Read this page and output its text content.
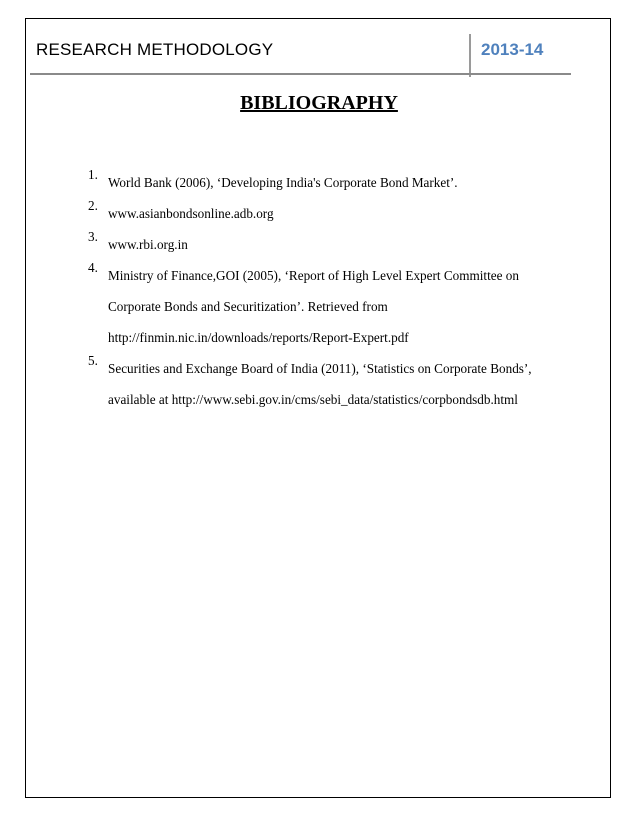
RESEARCH METHODOLOGY	2013-14
BIBLIOGRAPHY
1.
World Bank (2006), ‘Developing India's Corporate Bond Market’.
2.
www.asianbondsonline.adb.org
3.
www.rbi.org.in
4.
Ministry of Finance,GOI (2005), ‘Report of High Level Expert Committee on
Corporate Bonds and Securitization’. Retrieved from
http://finmin.nic.in/downloads/reports/Report-Expert.pdf
5.
Securities and Exchange Board of India (2011), ‘Statistics on Corporate Bonds’,
available at http://www.sebi.gov.in/cms/sebi_data/statistics/corpbondsdb.html
